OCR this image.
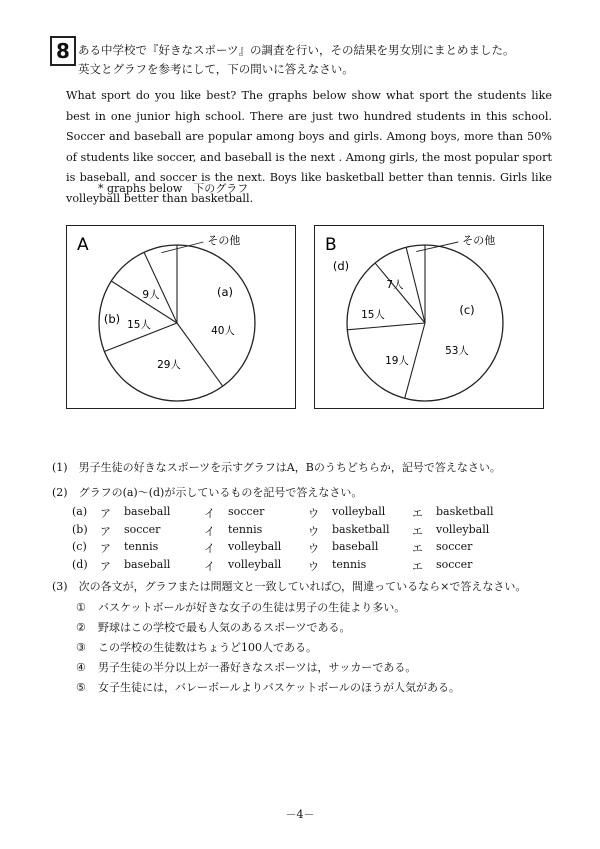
8 ある中学校で『好きなスポーツ』の調査を行い，その結果を男女別にまとめました。
英文とグラフを参考にして，下の問いに答えなさい。
What sport do you like best? The graphs below show what sport the students like best in one junior high school. There are just two hundred students in this school. Soccer and baseball are popular among boys and girls. Among boys, more than 50% of students like soccer, and baseball is the next . Among girls, the most popular sport is baseball, and soccer is the next. Boys like basketball better than tennis. Girls like volleyball better than basketball.
* graphs below　下のグラフ
A
(a)
40人
29人
(b) 15人
9人
その他	B
(c)
53人
19人
15人
(d)
7人
その他
(1)　男子生徒の好きなスポーツを示すグラフはA，Bのうちどちらか，記号で答えなさい。
(2)　グラフの(a)～(d)が示しているものを記号で答えなさい。
(a)	ア	baseball	イ	soccer	ウ	volleyball エ	basketball
(b)	ア	soccer	イ	tennis	ウ	basketball エ	volleyball
(c)	ア	tennis	イ	volleyball ウ	baseball	エ	soccer
(d)	ア	baseball	イ	volleyball ウ	tennis	エ	soccer
(3)　次の各文が，グラフまたは問題文と一致していれば○，間違っているなら×で答えなさい。
① バスケットボールが好きな女子の生徒は男子の生徒より多い。
② 野球はこの学校で最も人気のあるスポーツである。
③ この学校の生徒数はちょうど100人である。
④ 男子生徒の半分以上が一番好きなスポーツは，サッカーである。
⑤ 女子生徒には，バレーボールよりバスケットボールのほうが人気がある。
－4－
